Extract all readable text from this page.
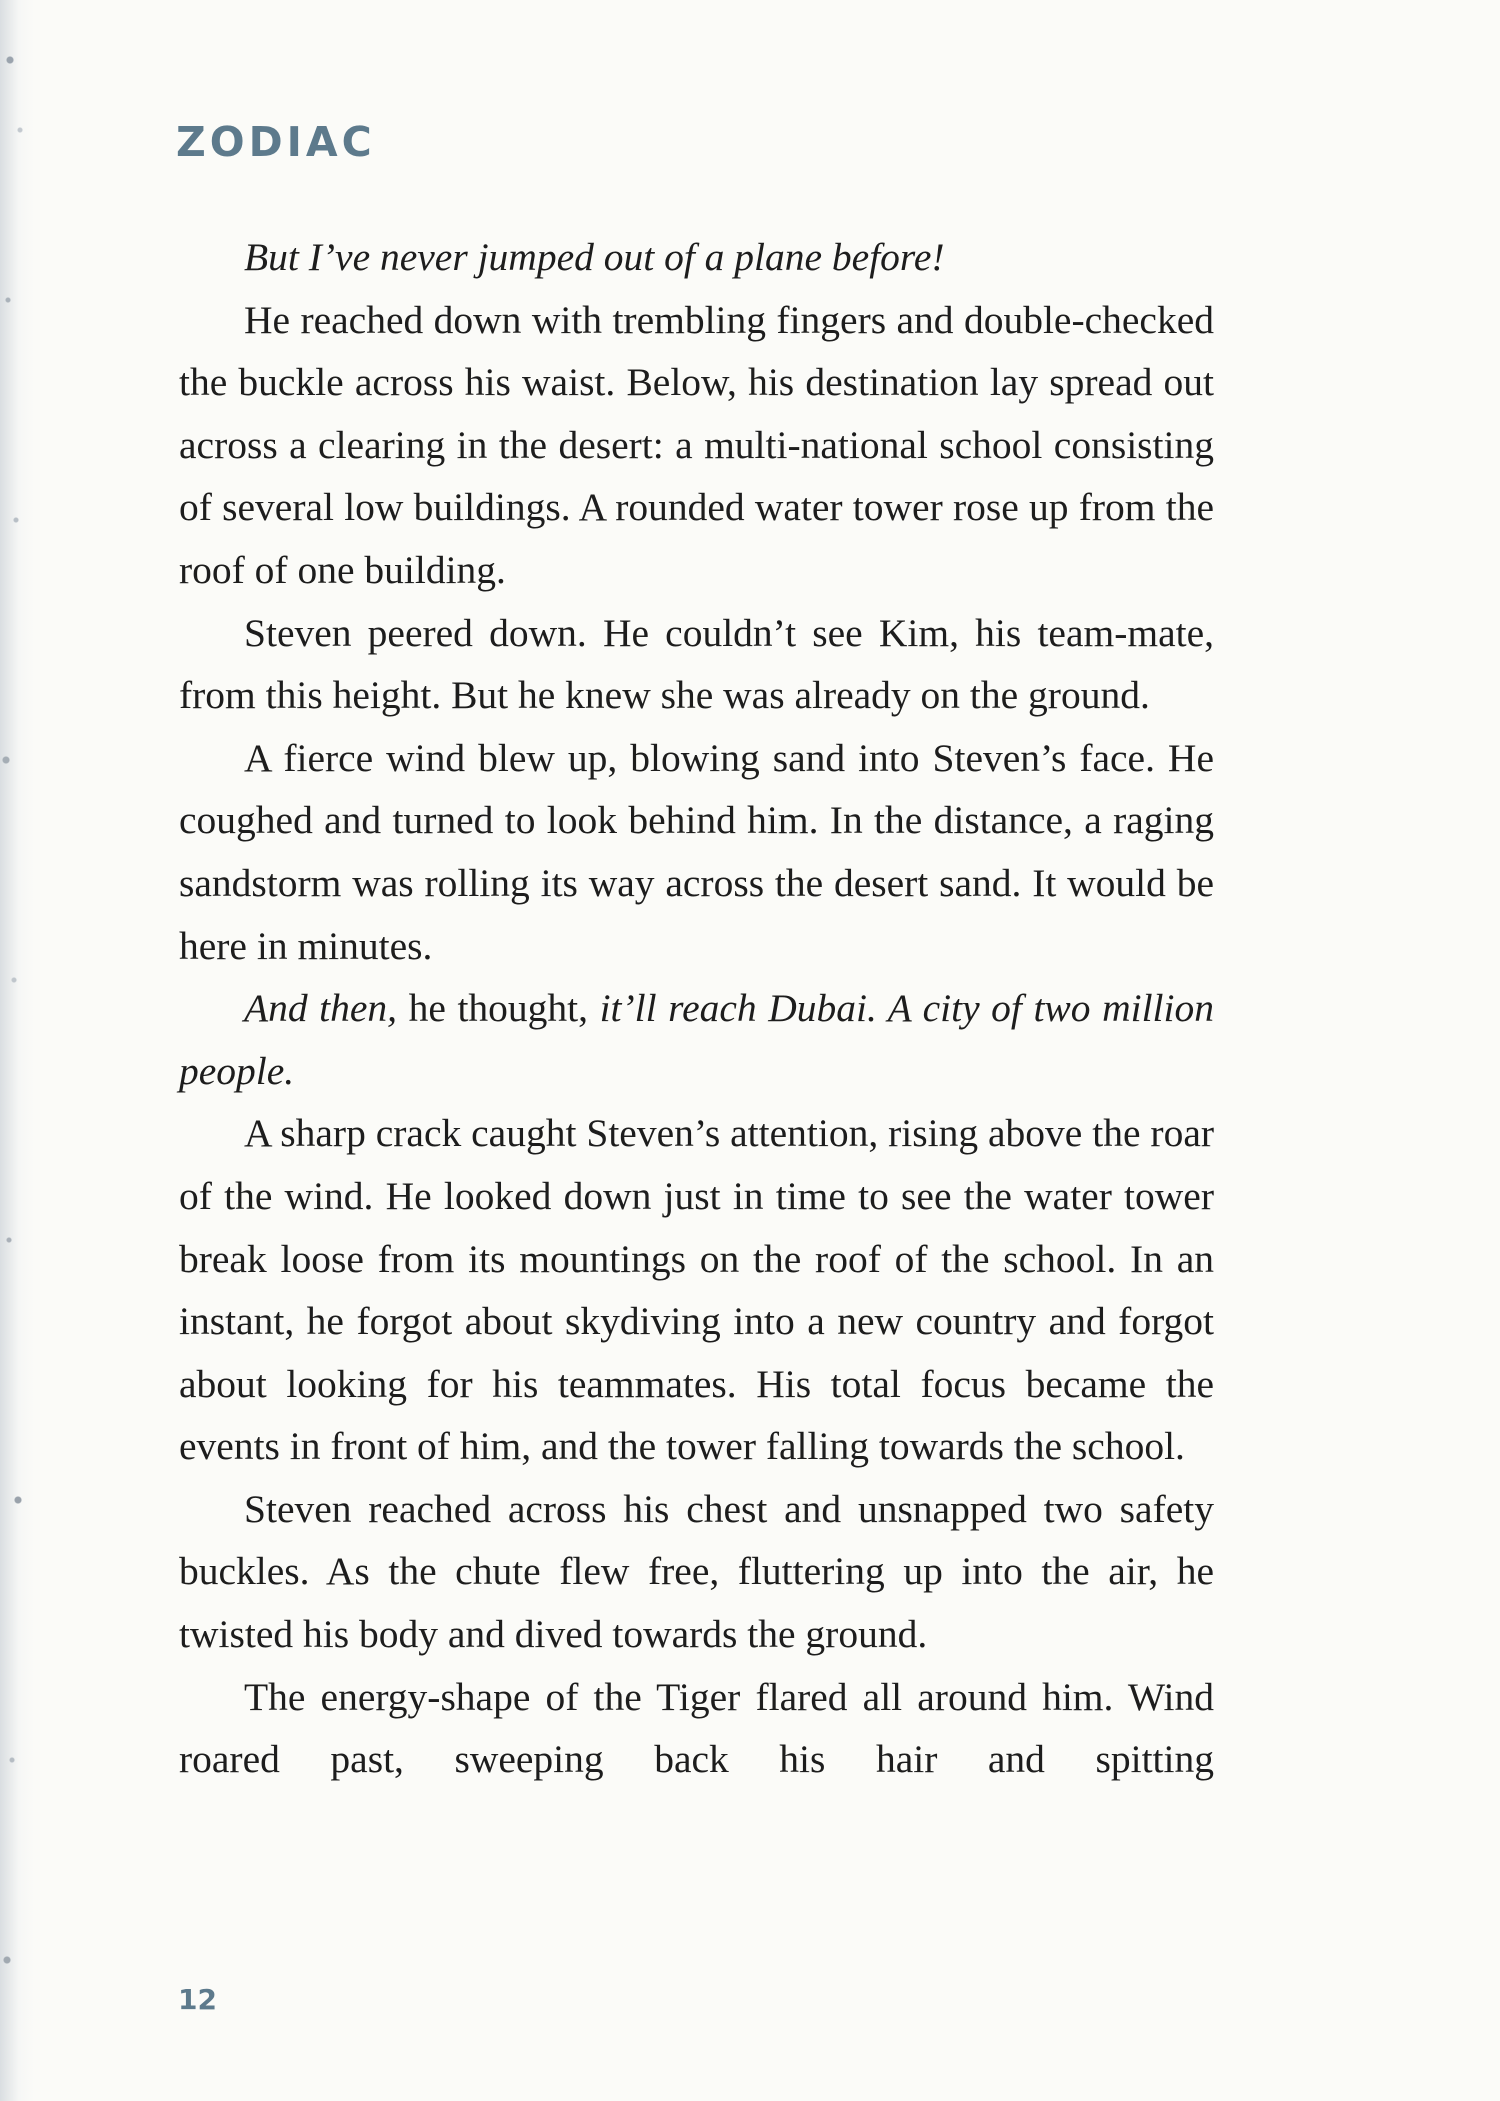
ZODIAC

But I’ve never jumped out of a plane before!

He reached down with trembling fingers and double-checked the buckle across his waist. Below, his destination lay spread out across a clearing in the desert: a multi-national school consisting of several low buildings. A rounded water tower rose up from the roof of one building.

Steven peered down. He couldn’t see Kim, his team-mate, from this height. But he knew she was already on the ground.

A fierce wind blew up, blowing sand into Steven’s face. He coughed and turned to look behind him. In the distance, a raging sandstorm was rolling its way across the desert sand. It would be here in minutes.

And then, he thought, it’ll reach Dubai. A city of two million people.

A sharp crack caught Steven’s attention, rising above the roar of the wind. He looked down just in time to see the water tower break loose from its mountings on the roof of the school. In an instant, he forgot about skydiving into a new country and forgot about looking for his teammates. His total focus became the events in front of him, and the tower falling towards the school.

Steven reached across his chest and unsnapped two safety buckles. As the chute flew free, fluttering up into the air, he twisted his body and dived towards the ground.

The energy-shape of the Tiger flared all around him. Wind roared past, sweeping back his hair and spitting

12
